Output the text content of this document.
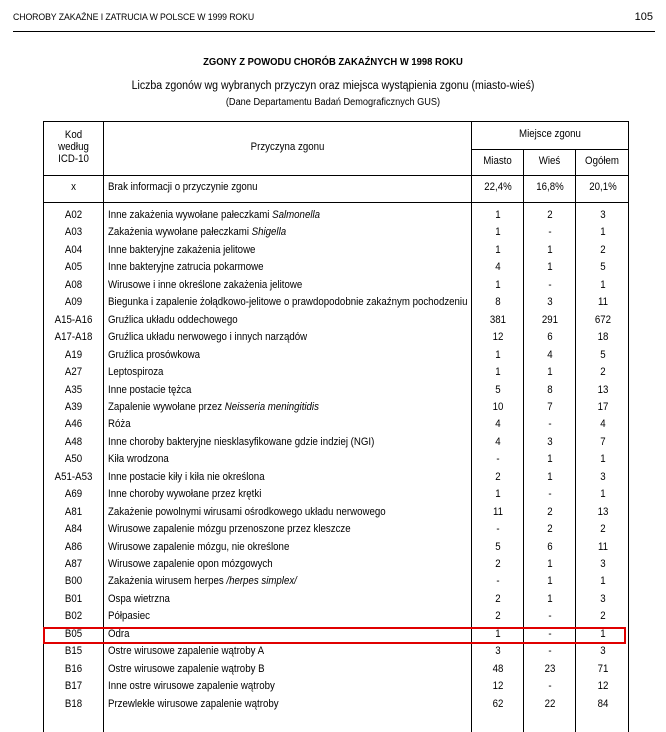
CHOROBY ZAKAŹNE I ZATRUCIA W POLSCE W 1999 ROKU	105
ZGONY Z POWODU CHORÓB ZAKAŹNYCH W 1998 ROKU
Liczba zgonów wg wybranych przyczyn oraz miejsca wystąpienia zgonu (miasto-wieś)
(Dane Departamentu Badań Demograficznych GUS)
Kod
według
ICD-10
Przyczyna zgonu
Miejsce zgonu
Miasto	Wieś	Ogółem
x	Brak informacji o przyczynie zgonu	22,4%	16,8%	20,1%
A02	Inne zakażenia wywołane pałeczkami Salmonella	1	2	3
A03	Zakażenia wywołane pałeczkami Shigella	1	-	1
A04	Inne bakteryjne zakażenia jelitowe	1	1	2
A05	Inne bakteryjne zatrucia pokarmowe	4	1	5
A08	Wirusowe i inne określone zakażenia jelitowe	1	-	1
A09	Biegunka i zapalenie żołądkowo-jelitowe o prawdopodobnie zakaźnym pochodzeniu	8	3	11
A15-A16	Gruźlica układu oddechowego	381	291	672
A17-A18	Gruźlica układu nerwowego i innych narządów	12	6	18
A19	Gruźlica prosówkowa	1	4	5
A27	Leptospiroza	1	1	2
A35	Inne postacie tężca	5	8	13
A39	Zapalenie wywołane przez Neisseria meningitidis	10	7	17
A46	Róża	4	-	4
A48	Inne choroby bakteryjne niesklasyfikowane gdzie indziej (NGI)	4	3	7
A50	Kiła wrodzona	-	1	1
A51-A53	Inne postacie kiły i kiła nie określona	2	1	3
A69	Inne choroby wywołane przez krętki	1	-	1
A81	Zakażenie powolnymi wirusami ośrodkowego układu nerwowego	11	2	13
A84	Wirusowe zapalenie mózgu przenoszone przez kleszcze	-	2	2
A86	Wirusowe zapalenie mózgu, nie określone	5	6	11
A87	Wirusowe zapalenie opon mózgowych	2	1	3
B00	Zakażenia wirusem herpes /herpes simplex/	-	1	1
B01	Ospa wietrzna	2	1	3
B02	Półpasiec	2	-	2
B05	Odra	1	-	1
B15	Ostre wirusowe zapalenie wątroby A	3	-	3
B16	Ostre wirusowe zapalenie wątroby B	48	23	71
B17	Inne ostre wirusowe zapalenie wątroby	12	-	12
B18	Przewlekłe wirusowe zapalenie wątroby	62	22	84
